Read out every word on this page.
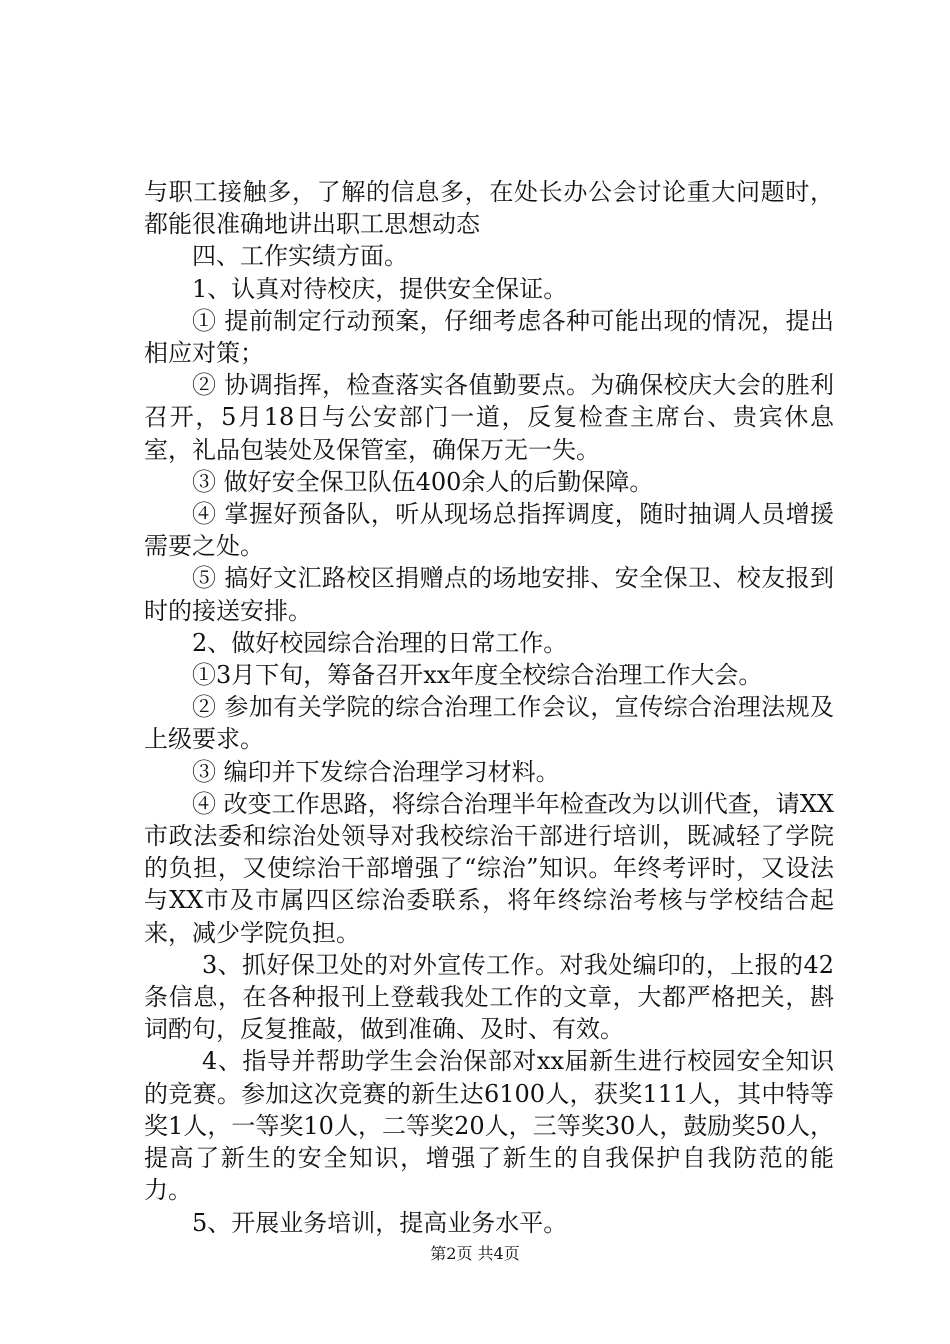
与职工接触多，了解的信息多，在处长办公会讨论重大问题时，都能很准确地讲出职工思想动态

四、工作实绩方面。

1、认真对待校庆，提供安全保证。

① 提前制定行动预案，仔细考虑各种可能出现的情况，提出相应对策；

② 协调指挥，检查落实各值勤要点。为确保校庆大会的胜利召开，5月18日与公安部门一道，反复检查主席台、贵宾休息室，礼品包装处及保管室，确保万无一失。

③ 做好安全保卫队伍400余人的后勤保障。

④ 掌握好预备队，听从现场总指挥调度，随时抽调人员增援需要之处。

⑤ 搞好文汇路校区捐赠点的场地安排、安全保卫、校友报到时的接送安排。

2、做好校园综合治理的日常工作。

①3月下旬，筹备召开xx年度全校综合治理工作大会。

② 参加有关学院的综合治理工作会议，宣传综合治理法规及上级要求。

③ 编印并下发综合治理学习材料。

④ 改变工作思路，将综合治理半年检查改为以训代查，请XX市政法委和综治处领导对我校综治干部进行培训，既减轻了学院的负担，又使综治干部增强了“综治”知识。年终考评时，又设法与XX市及市属四区综治委联系，将年终综治考核与学校结合起来，减少学院负担。

3、抓好保卫处的对外宣传工作。对我处编印的，上报的42条信息，在各种报刊上登载我处工作的文章，大都严格把关，斟词酌句，反复推敲，做到准确、及时、有效。

4、指导并帮助学生会治保部对xx届新生进行校园安全知识的竞赛。参加这次竞赛的新生达6100人，获奖111人，其中特等奖1人，一等奖10人，二等奖20人，三等奖30人，鼓励奖50人，提高了新生的安全知识，增强了新生的自我保护自我防范的能力。

5、开展业务培训，提高业务水平。

第2页 共4页
